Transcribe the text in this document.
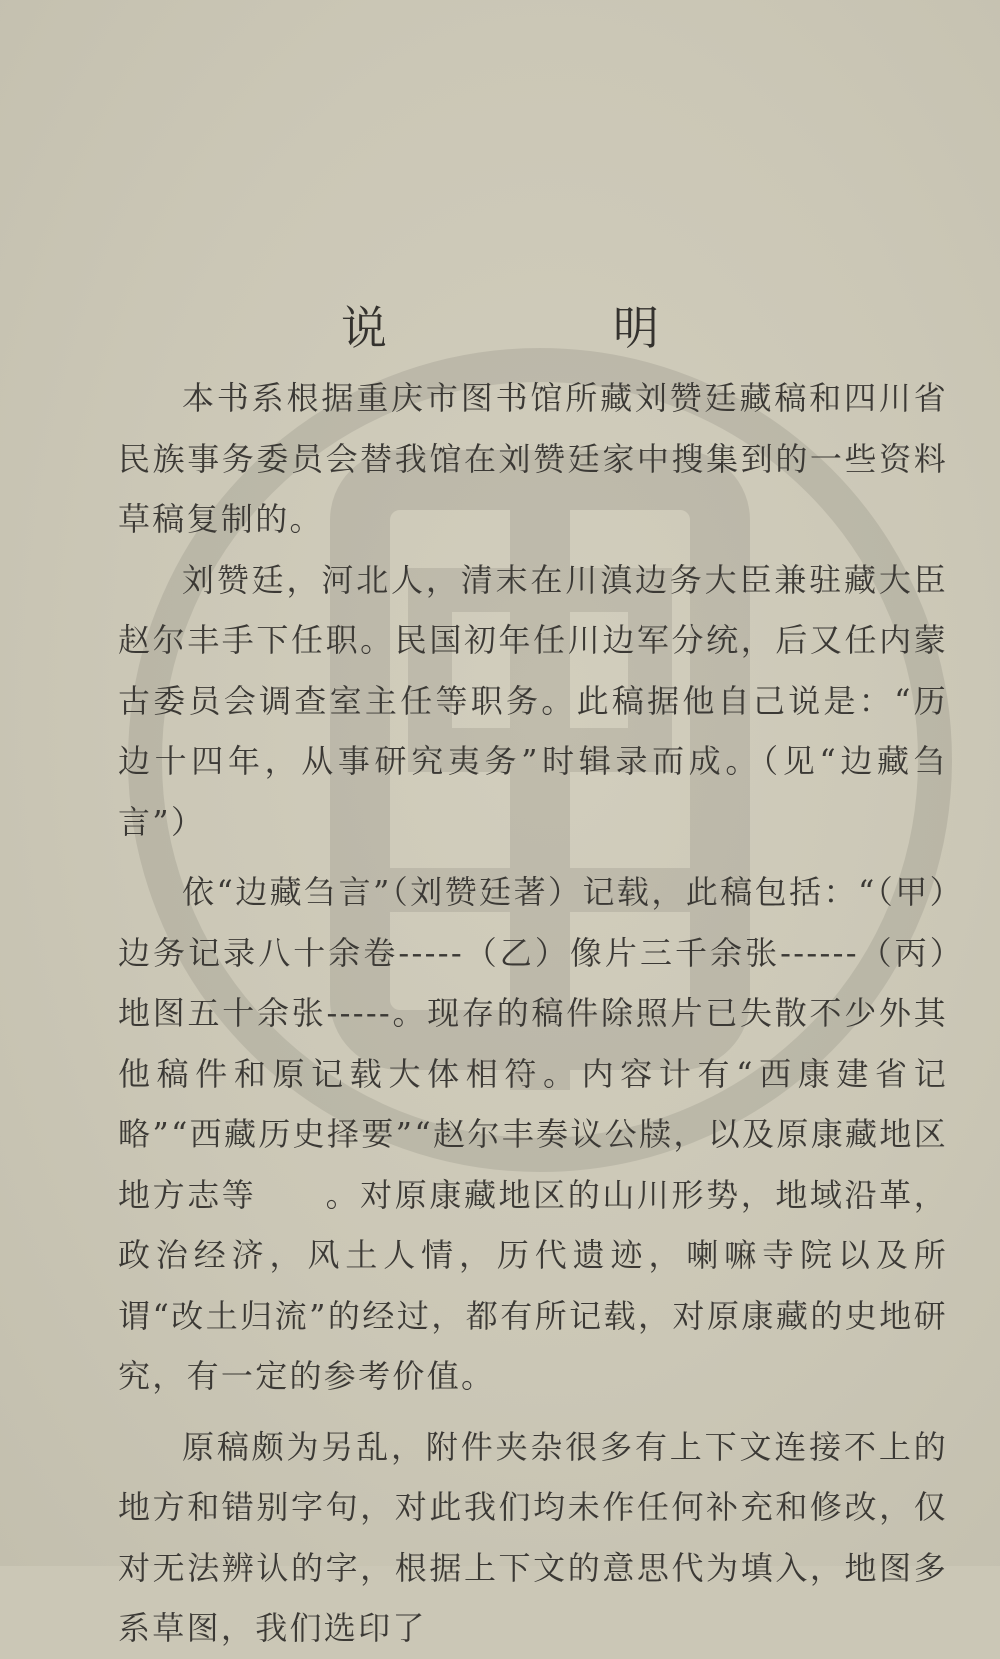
说　明

本书系根据重庆市图书馆所藏刘赞廷藏稿和四川省民族事务委员会替我馆在刘赞廷家中搜集到的一些资料草稿复制的。

刘赞廷，河北人，清末在川滇边务大臣兼驻藏大臣赵尔丰手下任职。民国初年任川边军分统，后又任内蒙古委员会调查室主任等职务。此稿据他自己说是：“历边十四年，从事研究夷务”时辑录而成。（见“边藏刍言”）

依“边藏刍言”（刘赞廷著）记载，此稿包括：“（甲）边务记录八十余卷-----（乙）像片三千余张------（丙）地图五十余张-----。现存的稿件除照片已失散不少外其他稿件和原记载大体相符。内容计有“西康建省记略”“西藏历史择要”“赵尔丰奏议公牍，以及原康藏地区地方志等　　。对原康藏地区的山川形势，地域沿革，政治经济，风土人情，历代遗迹，喇嘛寺院以及所谓“改土归流”的经过，都有所记载，对原康藏的史地研究，有一定的参考价值。

原稿颇为另乱，附件夹杂很多有上下文连接不上的地方和错别字句，对此我们均未作任何补充和修改，仅对无法辨认的字，根据上下文的意思代为填入，地图多系草图，我们选印了
